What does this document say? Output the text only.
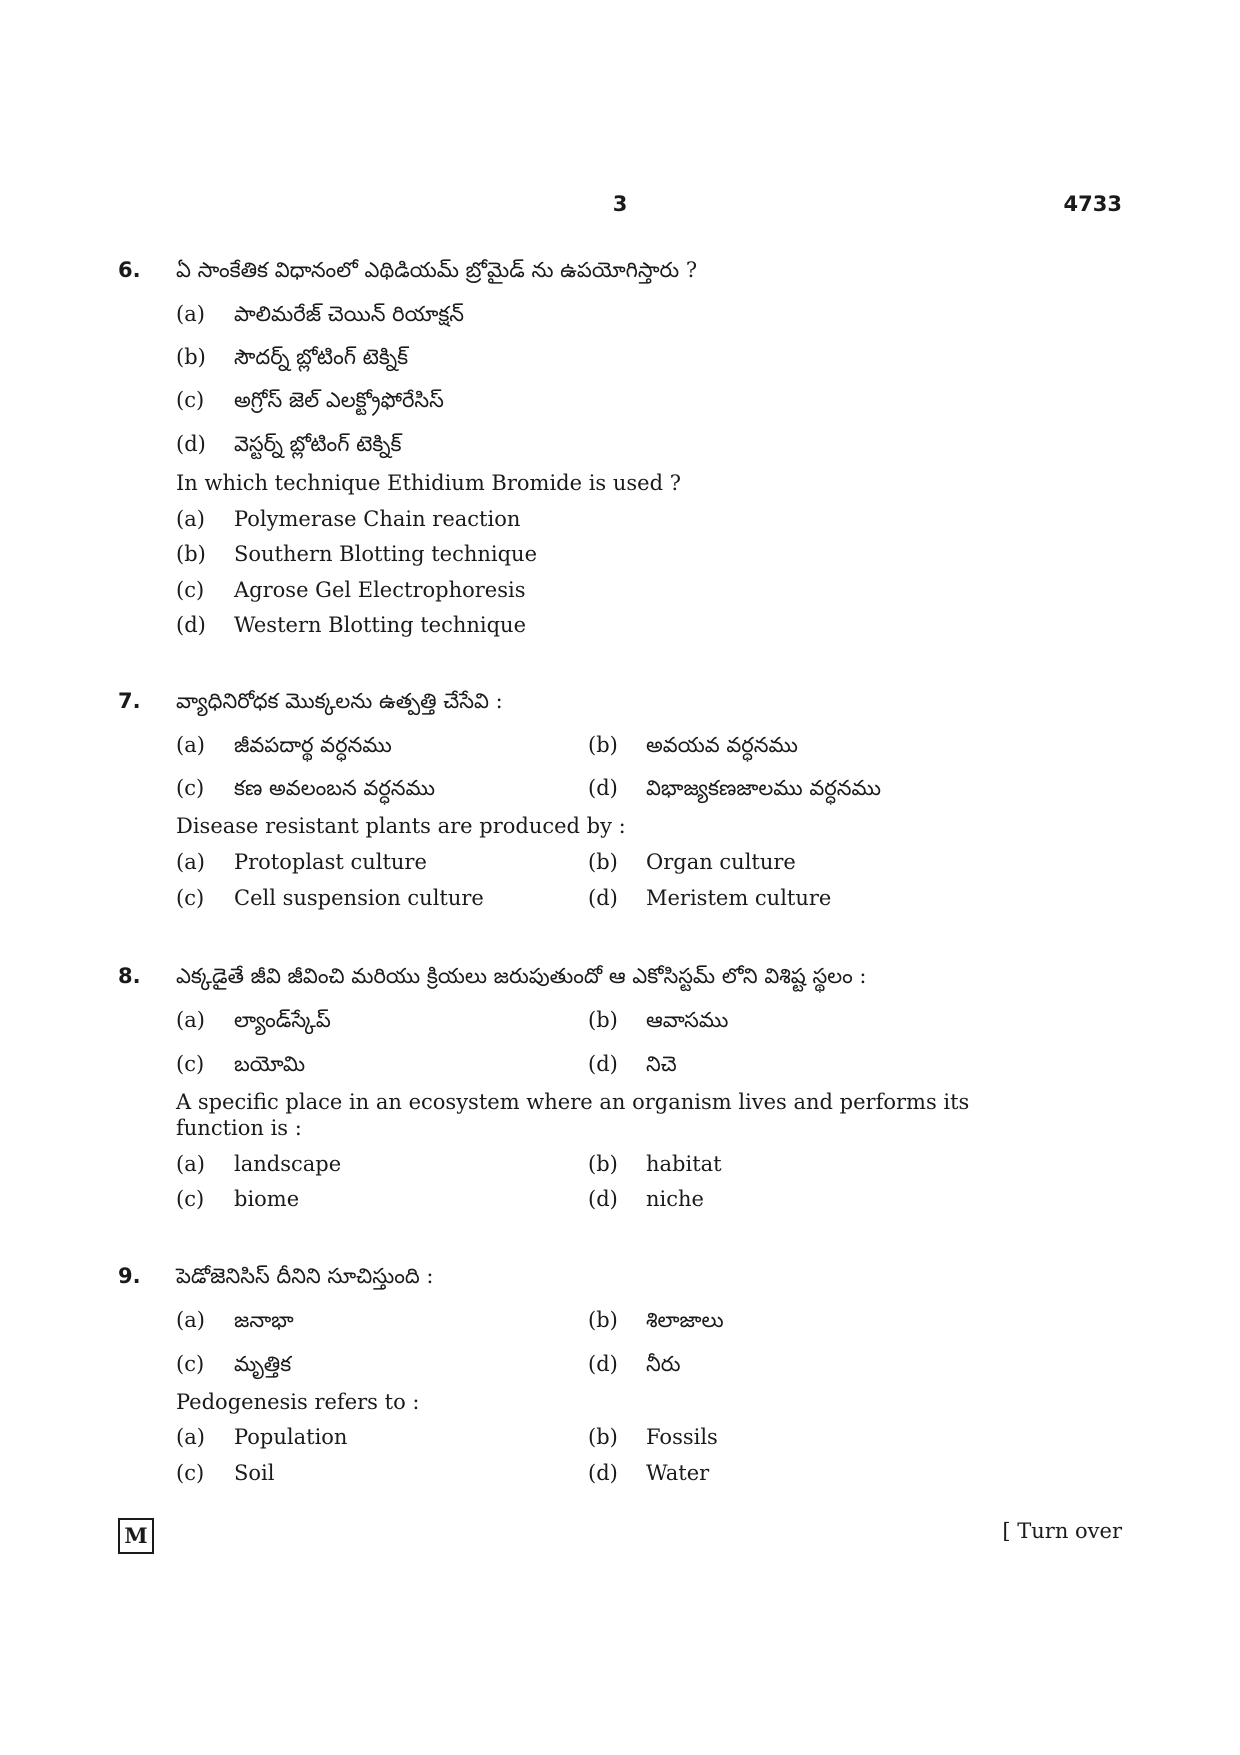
3	4733
6. ఏ సాంకేతిక విధానంలో ఎథిడియమ్ బ్రోమైడ్ ను ఉపయోగిస్తారు ?
(a) పాలిమరేజ్ చెయిన్ రియాక్షన్
(b) సౌదర్న్ బ్లోటింగ్ టెక్నిక్
(c) అగ్రోస్ జెల్ ఎలక్ట్రోఫోరేసిస్
(d) వెస్టర్న్ బ్లోటింగ్ టెక్నిక్
In which technique Ethidium Bromide is used ?
(a) Polymerase Chain reaction
(b) Southern Blotting technique
(c) Agrose Gel Electrophoresis
(d) Western Blotting technique
7. వ్యాధినిరోధక మొక్కలను ఉత్పత్తి చేసేవి :
(a) జీవపదార్థ వర్ధనము	(b) అవయవ వర్ధనము
(c) కణ అవలంబన వర్ధనము	(d) విభాజ్యకణజాలము వర్ధనము
Disease resistant plants are produced by :
(a) Protoplast culture	(b) Organ culture
(c) Cell suspension culture	(d) Meristem culture
8. ఎక్కడైతే జీవి జీవించి మరియు క్రియలు జరుపుతుందో ఆ ఎకోసిస్టమ్ లోని విశిష్ట స్థలం :
(a) ల్యాండ్‌స్కేప్	(b) ఆవాసము
(c) బయోమి	(d) నిచె
A specific place in an ecosystem where an organism lives and performs its
function is :
(a) landscape	(b) habitat
(c) biome	(d) niche
9. పెడోజెనిసిస్ దీనిని సూచిస్తుంది :
(a) జనాభా	(b) శిలాజాలు
(c) మృత్తిక	(d) నీరు
Pedogenesis refers to :
(a) Population	(b) Fossils
(c) Soil	(d) Water
M	[ Turn over
